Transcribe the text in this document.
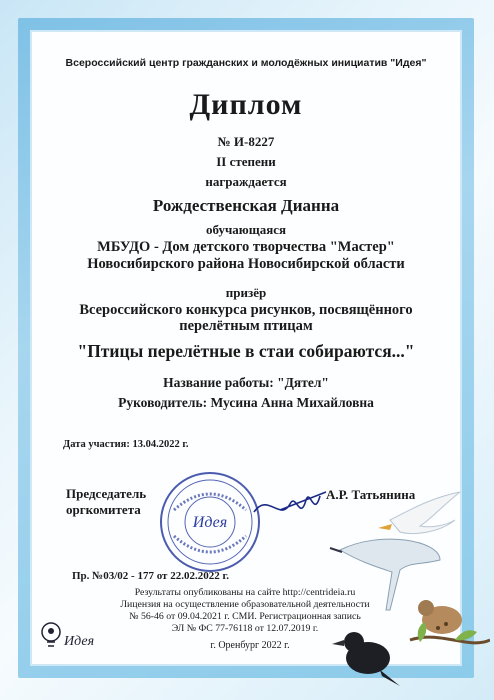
Всероссийский центр гражданских и молодёжных инициатив "Идея"
Диплом
№ И-8227
II степени
награждается
Рождественская Дианна
обучающаяся
МБУДО - Дом детского творчества "Мастер"
Новосибирского района Новосибирской области
призёр
Всероссийского конкурса рисунков, посвящённого
перелётным птицам
"Птицы перелётные в стаи собираются..."
Название работы: "Дятел"
Руководитель: Мусина Анна Михайловна
Дата участия: 13.04.2022 г.
Председатель
оргкомитета
А.Р. Татьянина
Идея
Пр. №03/02 - 177 от 22.02.2022 г.
Результаты опубликованы на сайте http://centrideia.ru
Лицензия на осуществление образовательной деятельности
№ 56-46 от 09.04.2021 г. СМИ. Регистрационная запись
ЭЛ № ФС 77-76118 от 12.07.2019 г.
г. Оренбург 2022 г.
Идея
